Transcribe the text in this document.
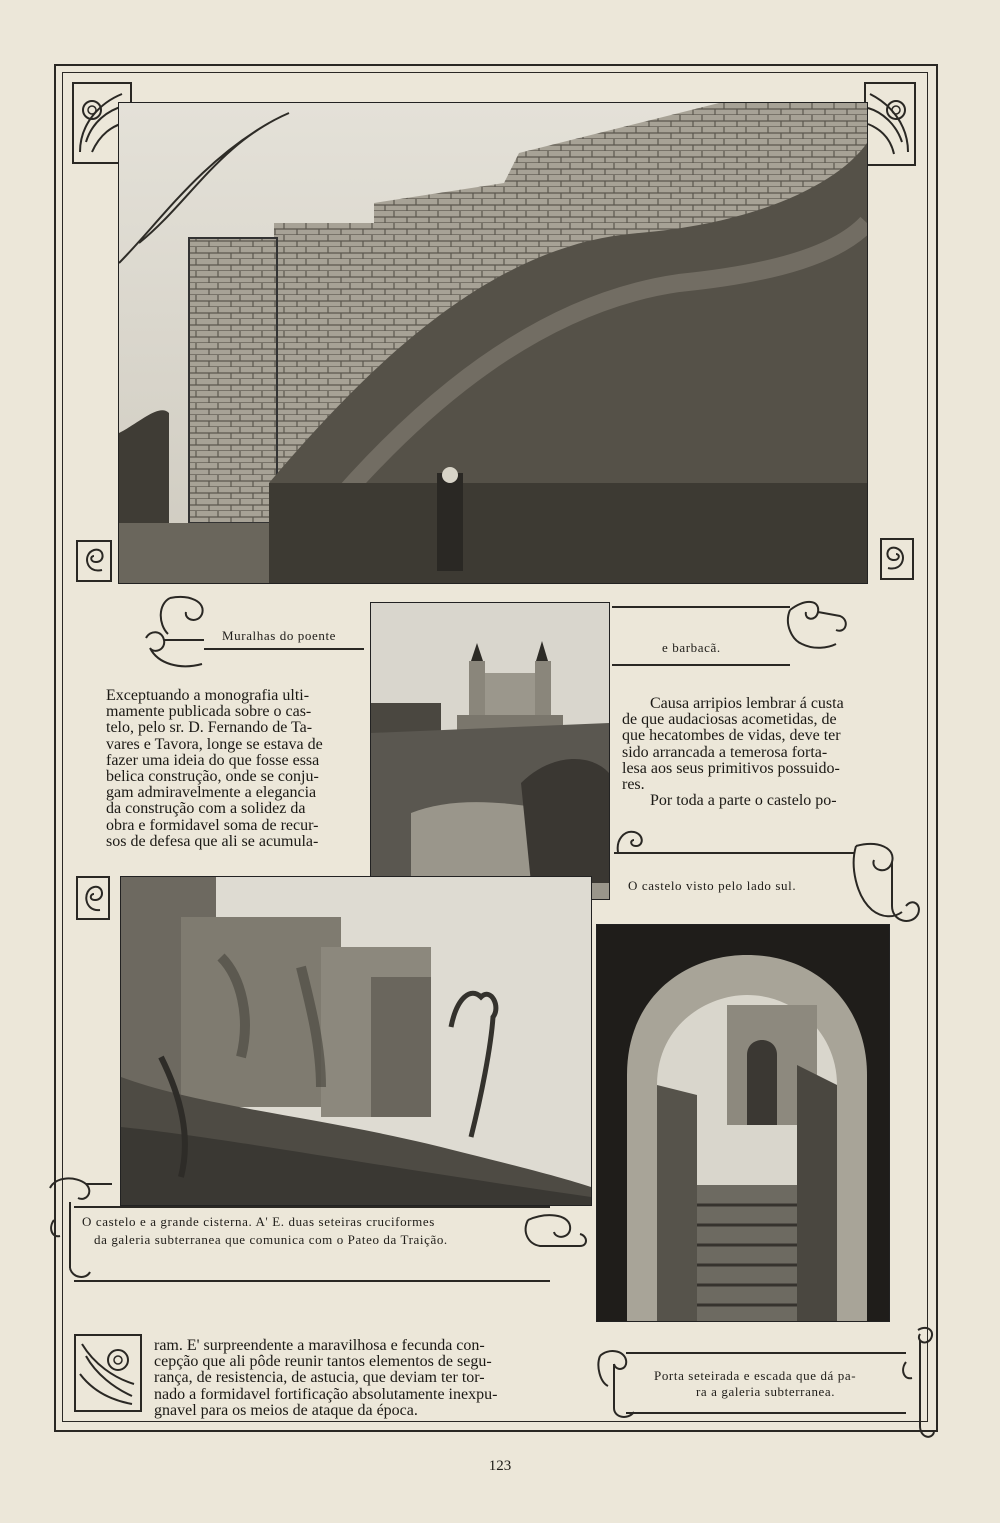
Muralhas do poente
e barbacã.

Exceptuando a monografia ulti-

mamente publicada sobre o cas-

telo, pelo sr. D. Fernando de Ta-

vares e Tavora, longe se estava de

fazer uma ideia do que fosse essa

belica construção, onde se conju-

gam admiravelmente a elegancia

da construção com a solidez da

obra e formidavel soma de recur-

sos de defesa que ali se acumula-

Causa arripios lembrar á custa

de que audaciosas acometidas, de

que hecatombes de vidas, deve ter

sido arrancada a temerosa forta-

lesa aos seus primitivos possuido-

res.

Por toda a parte o castelo po-

O castelo visto pelo lado sul.
O castelo e a grande cisterna. A' E. duas seteiras cruciformes
da galeria subterranea que comunica com o Pateo da Traição.
Porta seteirada e escada que dá pa-
ra a galeria subterranea.

ram. E' surpreendente a maravilhosa e fecunda con-

cepção que ali pôde reunir tantos elementos de segu-

rança, de resistencia, de astucia, que deviam ter tor-

nado a formidavel fortificação absolutamente inexpu-

gnavel para os meios de ataque da época.

123
